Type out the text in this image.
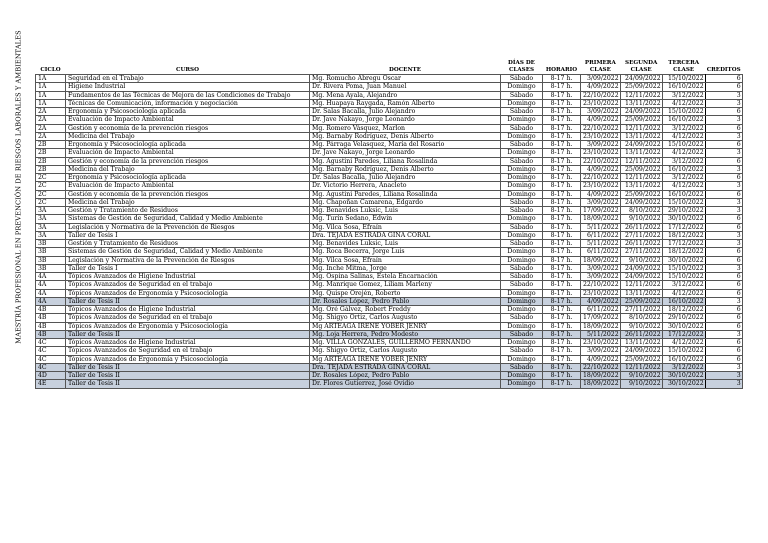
MAESTRÍA PROFESIONAL EN PREVENCIÓN DE RIESGOS LABORALES Y AMBIENTALES	CICLO	CURSO	DOCENTE	DÍAS DE CLASES	HORARIO	PRIMERA CLASE	SEGUNDA CLASE	TERCERA CLASE	CREDITOS
1A	Seguridad en el Trabajo	Mg. Romucho Abregu Oscar	Sábado	8-17 h.	3/09/2022	24/09/2022	15/10/2022	6
1A	Higiene Industrial	Dr. Rivera Poma, Juan Manuel	Domingo	8-17 h.	4/09/2022	25/09/2022	16/10/2022	6
1A	Fundamentos de las Técnicas de Mejora de las Condiciones de Trabajo	Mg. Mena Ayala, Alejandro	Sábado	8-17 h.	22/10/2022	12/11/2022	3/12/2022	3
1A	Técnicas de Comunicación, información y negociación	Mg. Huapaya Raygada, Ramón Alberto	Domingo	8-17 h.	23/10/2022	13/11/2022	4/12/2022	3
2A	Ergonomía y Psicosociología aplicada	Dr. Salas Bacalla, Julio Alejandro	Sábado	8-17 h.	3/09/2022	24/09/2022	15/10/2022	6
2A	Evaluación de Impacto Ambiental	Dr. Jave Nakayo, Jorge Leonardo	Domingo	8-17 h.	4/09/2022	25/09/2022	16/10/2022	3
2A	Gestión y economía de la prevención riesgos	Mg. Romero Vásquez, Marlon	Sábado	8-17 h.	22/10/2022	12/11/2022	3/12/2022	6
2A	Medicina del Trabajo	Mg. Barnaby Rodríguez, Denis Alberto	Domingo	8-17 h.	23/10/2022	13/11/2022	4/12/2022	3
2B	Ergonomía y Psicosociología aplicada	Mg. Párraga Velasquez, María del Rosario	Sábado	8-17 h.	3/09/2022	24/09/2022	15/10/2022	6
2B	Evaluación de Impacto Ambiental	Dr. Jave Nakayo, Jorge Leonardo	Domingo	8-17 h.	23/10/2022	13/11/2022	4/12/2022	3
2B	Gestión y economía de la prevención riesgos	Mg. Agustini Paredes, Liliana Rosalinda	Sábado	8-17 h.	22/10/2022	12/11/2022	3/12/2022	6
2B	Medicina del Trabajo	Mg. Barnaby Rodríguez, Denis Alberto	Domingo	8-17 h.	4/09/2022	25/09/2022	16/10/2022	3
2C	Ergonomía y Psicosociología aplicada	Dr. Salas Bacalla, Julio Alejandro	Domingo	8-17 h.	22/10/2022	12/11/2022	3/12/2022	6
2C	Evaluación de Impacto Ambiental	Dr. Victorio Herrera, Anacleto	Domingo	8-17 h.	23/10/2022	13/11/2022	4/12/2022	3
2C	Gestión y economía de la prevención riesgos	Mg. Agustini Paredes, Liliana Rosalinda	Domingo	8-17 h.	4/09/2022	25/09/2022	16/10/2022	6
2C	Medicina del Trabajo	Mg. Chapoñan Camarena, Edgardo	Sábado	8-17 h.	3/09/2022	24/09/2022	15/10/2022	3
3A	Gestión y Tratamiento de Residuos	Mg. Benavides Luksic, Luis	Sábado	8-17 h.	17/09/2022	8/10/2022	29/10/2022	3
3A	Sistemas de Gestión de Seguridad, Calidad y Medio Ambiente	Mg. Turín Sedano, Edwin	Domingo	8-17 h.	18/09/2022	9/10/2022	30/10/2022	6
3A	Legislación y Normativa de la Prevención de Riesgos	Mg. Vilca Sosa, Efraín	Sábado	8-17 h.	5/11/2022	26/11/2022	17/12/2022	6
3A	Taller de Tesis I	Dra. TEJADA ESTRADA GINA CORAL	Domingo	8-17 h.	6/11/2022	27/11/2022	18/12/2022	3
3B	Gestión y Tratamiento de Residuos	Mg. Benavides Luksic, Luis	Sábado	8-17 h.	5/11/2022	26/11/2022	17/12/2022	3
3B	Sistemas de Gestión de Seguridad, Calidad y Medio Ambiente	Mg. Roca Becerra, Jorge Luis	Domingo	8-17 h.	6/11/2022	27/11/2022	18/12/2022	6
3B	Legislación y Normativa de la Prevención de Riesgos	Mg. Vilca Sosa, Efraín	Domingo	8-17 h.	18/09/2022	9/10/2022	30/10/2022	6
3B	Taller de Tesis I	Mg. Inche Mitma, Jorge	Sábado	8-17 h.	3/09/2022	24/09/2022	15/10/2022	3
4A	Tópicos Avanzados de Higiene Industrial	Mg. Ospina Salinas, Estela Encarnación	Sábado	8-17 h.	3/09/2022	24/09/2022	15/10/2022	6
4A	Tópicos Avanzados de Seguridad en el trabajo	Mg. Manrique Gomez, Liliam Marleny	Sábado	8-17 h.	22/10/2022	12/11/2022	3/12/2022	6
4A	Tópicos Avanzados de Ergonomía y Psicosociología	Mg. Quispe Orején, Roberto	Domingo	8-17 h.	23/10/2022	13/11/2022	4/12/2022	6
4A	Taller de Tesis II	Dr. Rosales López, Pedro Pablo	Domingo	8-17 h.	4/09/2022	25/09/2022	16/10/2022	3
4B	Tópicos Avanzados de Higiene Industrial	Mg. Oré Gálvez, Robert Freddy	Domingo	8-17 h.	6/11/2022	27/11/2022	18/12/2022	6
4B	Tópicos Avanzados de Seguridad en el trabajo	Mg. Shigyo Ortiz, Carlos Augusto	Sábado	8-17 h.	17/09/2022	8/10/2022	29/10/2022	6
4B	Tópicos Avanzados de Ergonomía y Psicosociología	Mg ARTEAGA IRENE YOBER JENRY	Domingo	8-17 h.	18/09/2022	9/10/2022	30/10/2022	6
4B	Taller de Tesis II	Mg. Loja Herrera, Pedro Modesto	Sábado	8-17 h.	5/11/2022	26/11/2022	17/12/2022	3
4C	Tópicos Avanzados de Higiene Industrial	Mg. VILLA GONZALES, GUILLERMO FERNANDO	Domingo	8-17 h.	23/10/2022	13/11/2022	4/12/2022	6
4C	Tópicos Avanzados de Seguridad en el trabajo	Mg. Shigyo Ortiz, Carlos Augusto	Sábado	8-17 h.	3/09/2022	24/09/2022	15/10/2022	6
4C	Tópicos Avanzados de Ergonomía y Psicosociología	Mg ARTEAGA IRENE YOBER JENRY	Domingo	8-17 h.	4/09/2022	25/09/2022	16/10/2022	6
4C	Taller de Tesis II	Dra. TEJADA ESTRADA GINA CORAL	Sábado	8-17 h.	22/10/2022	12/11/2022	3/12/2022	3
4D	Taller de Tesis II	Dr. Rosales López, Pedro Pablo	Domingo	8-17 h.	18/09/2022	9/10/2022	30/10/2022	3
4E	Taller de Tesis II	Dr. Flores Gutierrez, José Ovidio	Domingo	8-17 h.	18/09/2022	9/10/2022	30/10/2022	3
